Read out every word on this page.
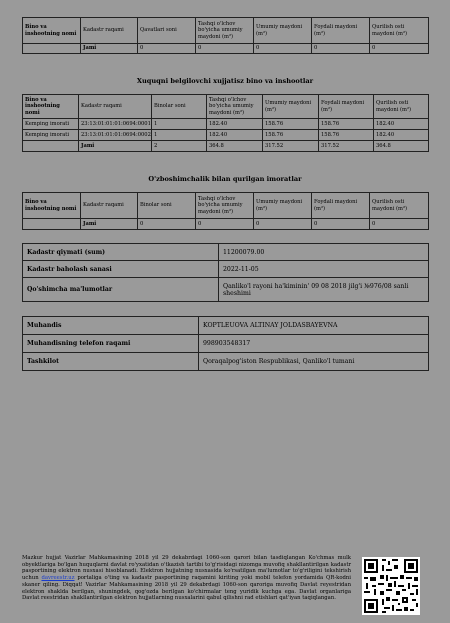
Bino va inshootning nomi	Kadastr raqami	Qavatlari soni	Tashqi o'lchov bo'yicha umumiy maydoni (m²)	Umumiy maydoni (m²)	Foydali maydoni (m²)	Qurilish osti maydoni (m²)
	Jami	0	0	0	0	0
Xuquqni belgilovchi xujjatisz bino va inshootlar
Bino va inshootning nomi	Kadastr raqami	Binolar soni	Tashqi o'lchov bo'yicha umumiy maydoni (m²)	Umumiy maydoni (m²)	Foydali maydoni (m²)	Qurilish osti maydoni (m²)
Kemping imorati	23:13:01:01:01:0694:0001	1	182.40	158.76	158.76	182.40
Kemping imorati	23:13:01:01:01:0694:0002	1	182.40	158.76	158.76	182.40
	Jami	2	364.8	317.52	317.52	364.8
O'zboshimchalik bilan qurilgan imoratlar
Bino va inshootning nomi	Kadastr raqami	Binolar soni	Tashqi o'lchov bo'yicha umumiy maydoni (m²)	Umumiy maydoni (m²)	Foydali maydoni (m²)	Qurilish osti maydoni (m²)
	Jami	0	0	0	0	0
Kadastr qiymati (sum)	11200079.00
Kadastr baholash sanasi	2022-11-05
Qo'shimcha ma'lumotlar	Qanliko'l rayoni ha'kiminin' 09 08 2018 jilg'i №976/08 sanli sheshimi
Muhandis	KOPTLEUOVA ALTINAY JOLDASBAYEVNA
Muhandisning telefon raqami	998903548317
Tashkilot	Qoraqalpog'iston Respublikasi, Qanliko'l tumani
Mazkur hujjat Vazirlar Mahkamasining 2018 yil 29 dekabrdagi 1060-son qarori bilan tasdiqlangan Ko'chmas mulk obyektlariga bo'lgan huquqlarni davlat ro'yxatidan o'tkazish tartibi to'g'risidagi nizomga muvofiq shakllantirilgan kadastr pasportining elektron nusxasi hisoblanadi. Elektron hujjatning nusxasida ko'rsatilgan ma'lumotlar to'g'riligini tekshirish uchun davreestr.uz portaliga o'ting va kadastr pasportining raqamini kiriting yoki mobil telefon yordamida QR-kodni skaner qiling. Diqqat! Vazirlar Mahkamasining 2018 yil 29 dekabrdagi 1060-son qaroriga muvofiq Davlat reyestridan elektron shaklda berilgan, shuningdek, qog'ozda berilgan ko'chirmalar teng yuridik kuchga ega. Davlat organlariga Davlat reestridan shakllantirilgan elektron hujjatlarning nusxalarini qabul qilishni rad etishlari qat'iyan taqiqlangan.
